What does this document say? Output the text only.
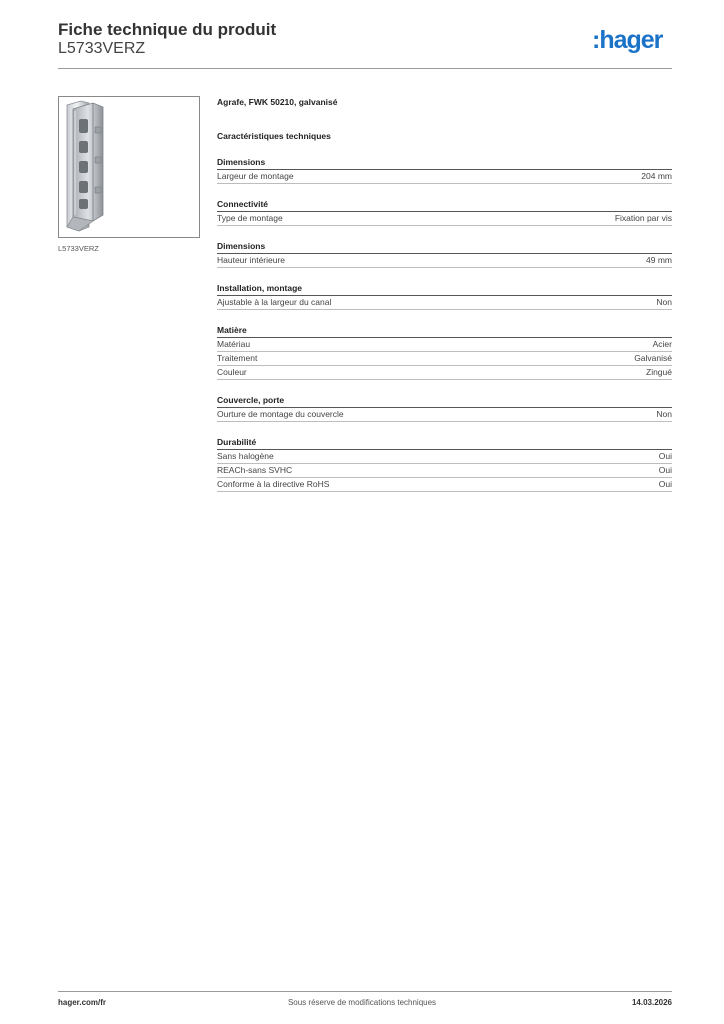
Fiche technique du produit
L5733VERZ	:hager
L5733VERZ
Agrafe, FWK 50210, galvanisé
Caractéristiques techniques
Dimensions
Largeur de montage	204 mm
Connectivité
Type de montage	Fixation par vis
Dimensions
Hauteur intérieure	49 mm
Installation, montage
Ajustable à la largeur du canal	Non
Matière
Matériau	Acier
Traitement	Galvanisé
Couleur	Zingué
Couvercle, porte
Ourture de montage du couvercle	Non
Durabilité
Sans halogène	Oui
REACh-sans SVHC	Oui
Conforme à la directive RoHS	Oui
hager.com/fr	Sous réserve de modifications techniques	14.03.2026
